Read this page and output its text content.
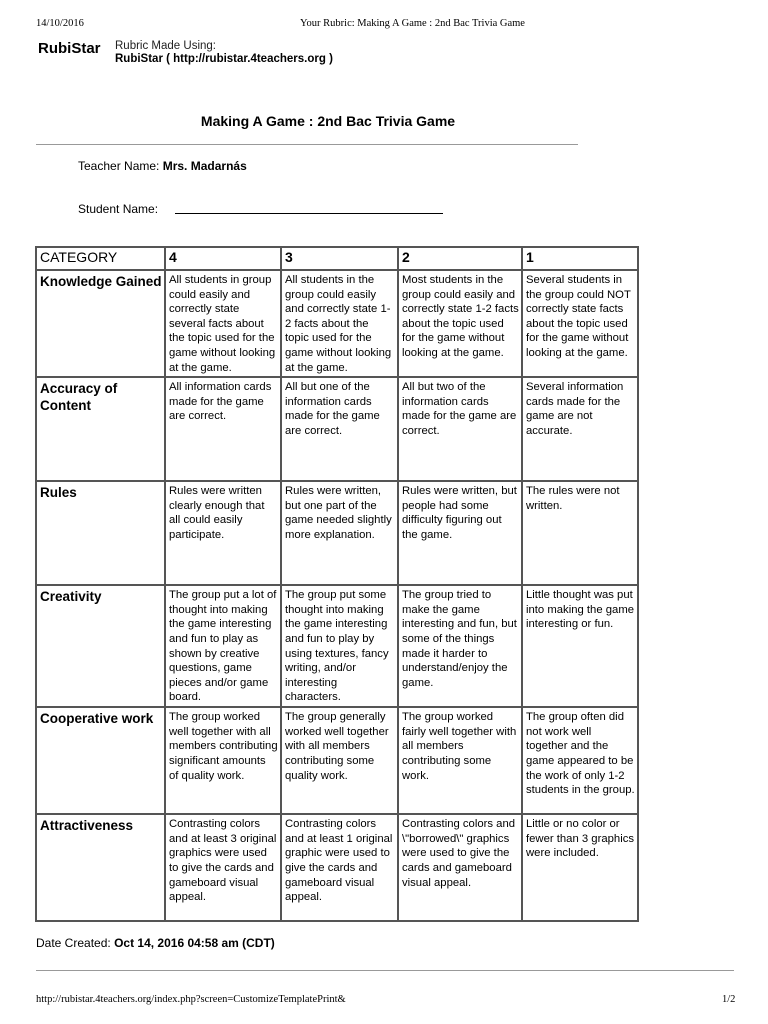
14/10/2016	Your Rubric: Making A Game : 2nd Bac Trivia Game
RubiStar Rubric Made Using:
RubiStar ( http://rubistar.4teachers.org )
Making A Game : 2nd Bac Trivia Game
Teacher Name: Mrs. Madarnás
Student Name:
CATEGORY	4	3	2	1
Knowledge Gained	All students in group could easily and correctly state several facts about the topic used for the game without looking at the game.	All students in the group could easily and correctly state 1-2 facts about the topic used for the game without looking at the game.	Most students in the group could easily and correctly state 1-2 facts about the topic used for the game without looking at the game.	Several students in the group could NOT correctly state facts about the topic used for the game without looking at the game.
Accuracy of Content	All information cards made for the game are correct.	All but one of the information cards made for the game are correct.	All but two of the information cards made for the game are correct.	Several information cards made for the game are not accurate.
Rules	Rules were written clearly enough that all could easily participate.	Rules were written, but one part of the game needed slightly more explanation.	Rules were written, but people had some difficulty figuring out the game.	The rules were not written.
Creativity	The group put a lot of thought into making the game interesting and fun to play as shown by creative questions, game pieces and/or game board.	The group put some thought into making the game interesting and fun to play by using textures, fancy writing, and/or interesting characters.	The group tried to make the game interesting and fun, but some of the things made it harder to understand/enjoy the game.	Little thought was put into making the game interesting or fun.
Cooperative work	The group worked well together with all members contributing significant amounts of quality work.	The group generally worked well together with all members contributing some quality work.	The group worked fairly well together with all members contributing some work.	The group often did not work well together and the game appeared to be the work of only 1-2 students in the group.
Attractiveness	Contrasting colors and at least 3 original graphics were used to give the cards and gameboard visual appeal.	Contrasting colors and at least 1 original graphic were used to give the cards and gameboard visual appeal.	Contrasting colors and \"borrowed\" graphics were used to give the cards and gameboard visual appeal.	Little or no color or fewer than 3 graphics were included.
Date Created: Oct 14, 2016 04:58 am (CDT)
http://rubistar.4teachers.org/index.php?screen=CustomizeTemplatePrint&	1/2
